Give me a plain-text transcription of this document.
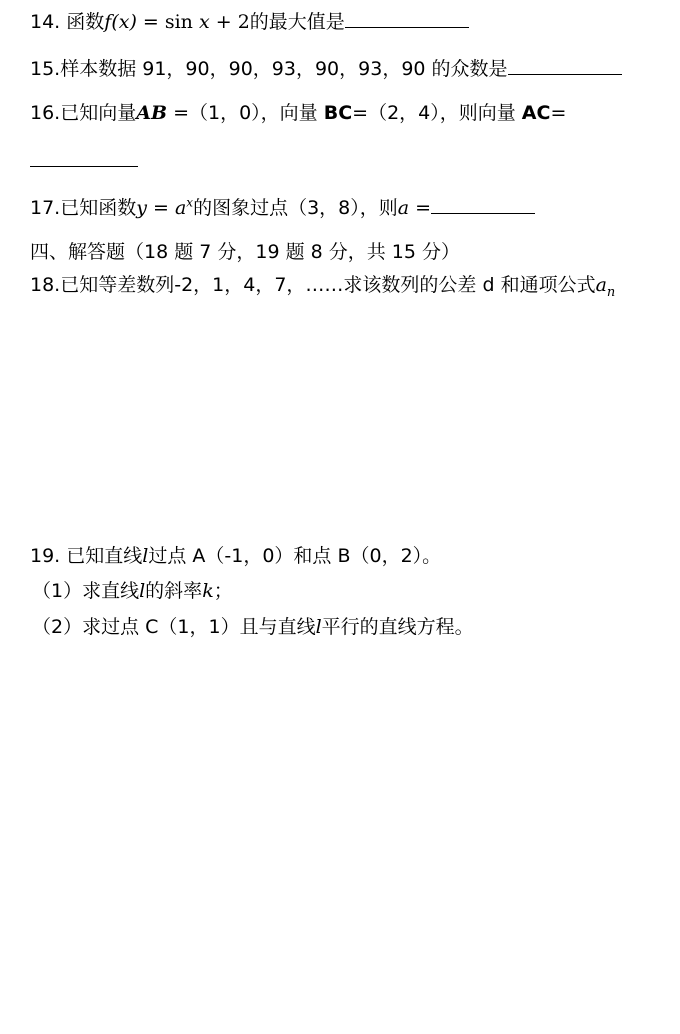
14. 函数f(x) = sin x + 2的最大值是
15.样本数据 91，90，90，93，90，93，90 的众数是
16.已知向量AB =（1，0），向量 BC=（2，4），则向量 AC=
17.已知函数$y = a^x$的图象过点（3，8），则a =
四、解答题（18 题 7 分，19 题 8 分，共 15 分）
18.已知等差数列-2，1，4，7，……求该数列的公差 d 和通项公式$a_n$
19. 已知直线l过点 A（-1，0）和点 B（0，2）。
（1）求直线l的斜率k；
（2）求过点 C（1，1）且与直线l平行的直线方程。
